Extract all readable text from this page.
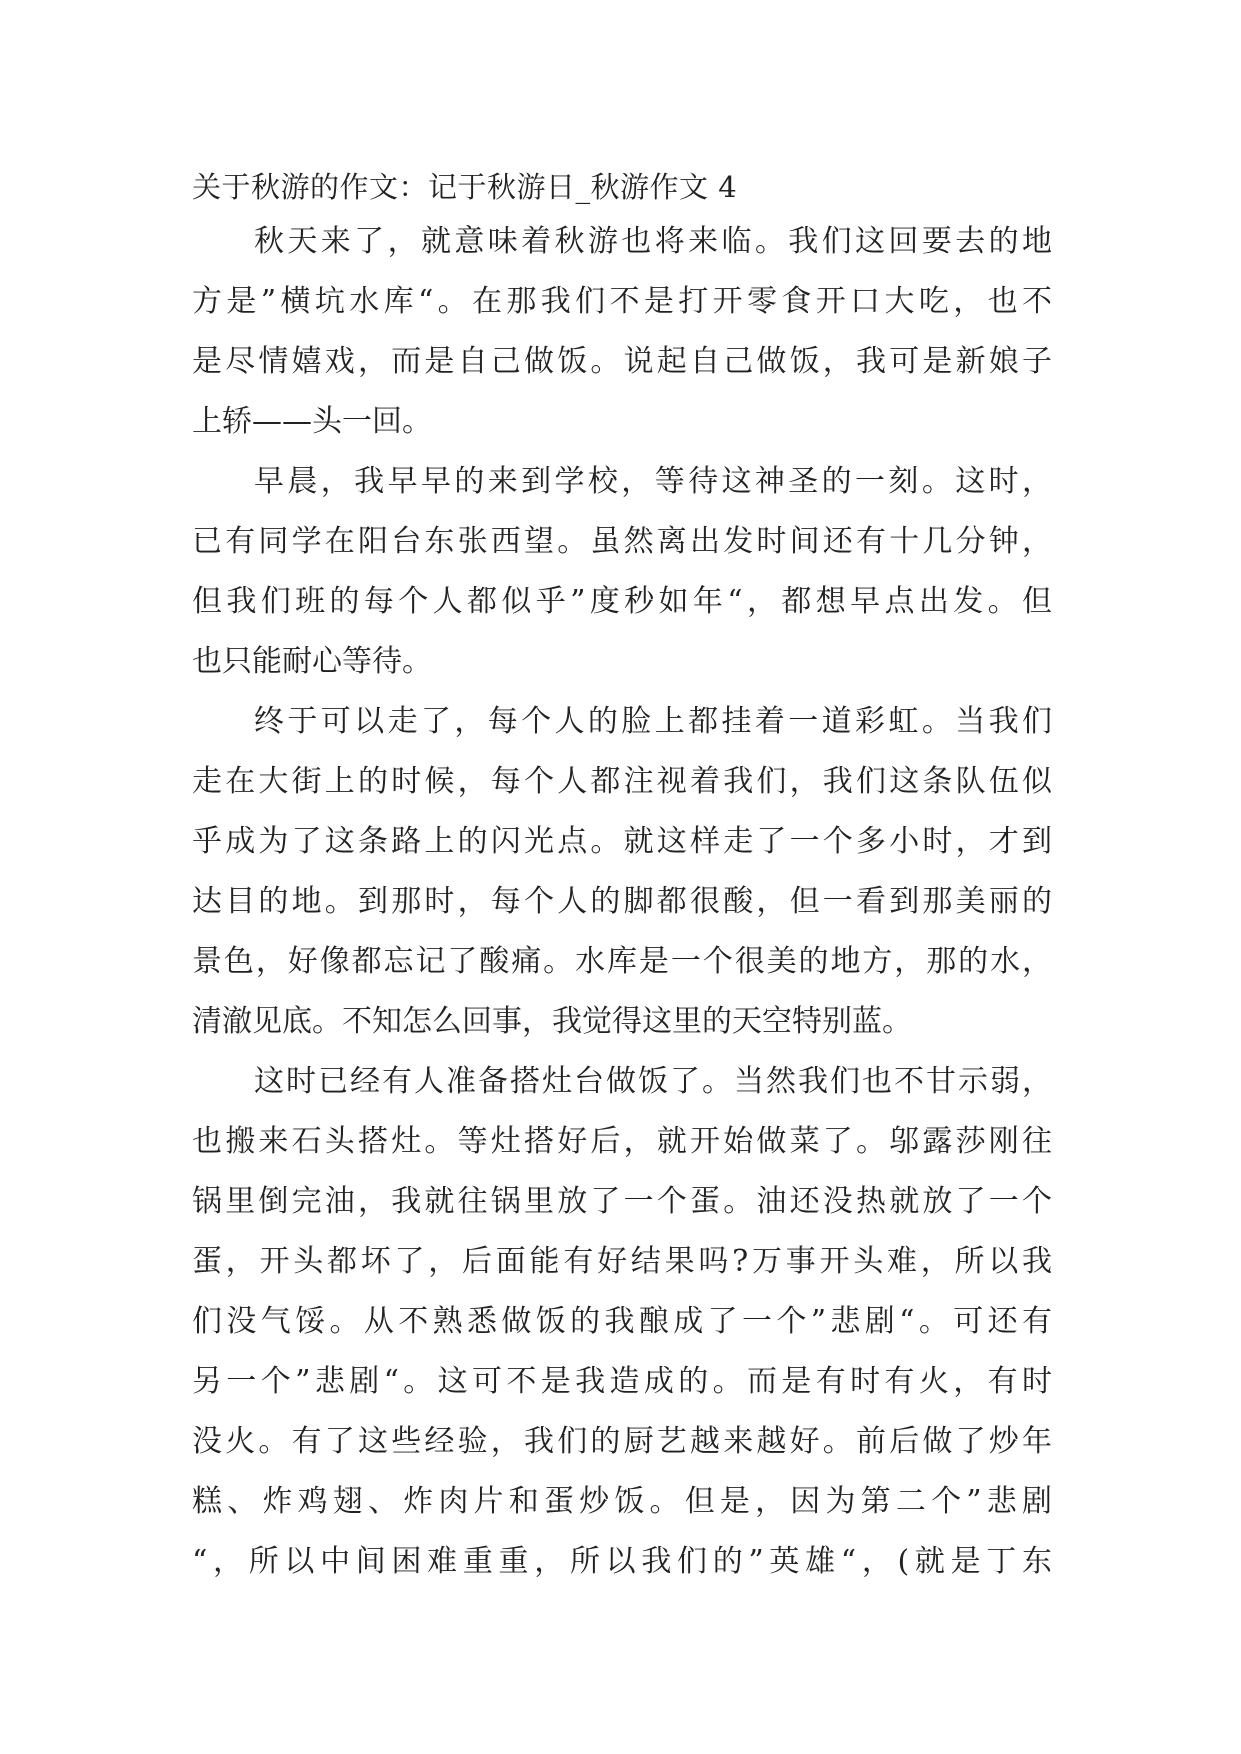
关于秋游的作文：记于秋游日_秋游作文 4

秋天来了，就意味着秋游也将来临。我们这回要去的地
方是”横坑水库“。在那我们不是打开零食开口大吃，也不
是尽情嬉戏，而是自己做饭。说起自己做饭，我可是新娘子
上轿——头一回。

早晨，我早早的来到学校，等待这神圣的一刻。这时，
已有同学在阳台东张西望。虽然离出发时间还有十几分钟，
但我们班的每个人都似乎”度秒如年“，都想早点出发。但
也只能耐心等待。

终于可以走了，每个人的脸上都挂着一道彩虹。当我们
走在大街上的时候，每个人都注视着我们，我们这条队伍似
乎成为了这条路上的闪光点。就这样走了一个多小时，才到
达目的地。到那时，每个人的脚都很酸，但一看到那美丽的
景色，好像都忘记了酸痛。水库是一个很美的地方，那的水，
清澈见底。不知怎么回事，我觉得这里的天空特别蓝。

这时已经有人准备搭灶台做饭了。当然我们也不甘示弱，
也搬来石头搭灶。等灶搭好后，就开始做菜了。邬露莎刚往
锅里倒完油，我就往锅里放了一个蛋。油还没热就放了一个
蛋，开头都坏了，后面能有好结果吗?万事开头难，所以我
们没气馁。从不熟悉做饭的我酿成了一个”悲剧“。可还有
另一个”悲剧“。这可不是我造成的。而是有时有火，有时
没火。有了这些经验，我们的厨艺越来越好。前后做了炒年
糕、炸鸡翅、炸肉片和蛋炒饭。但是，因为第二个”悲剧
“，所以中间困难重重，所以我们的”英雄“，(就是丁东
